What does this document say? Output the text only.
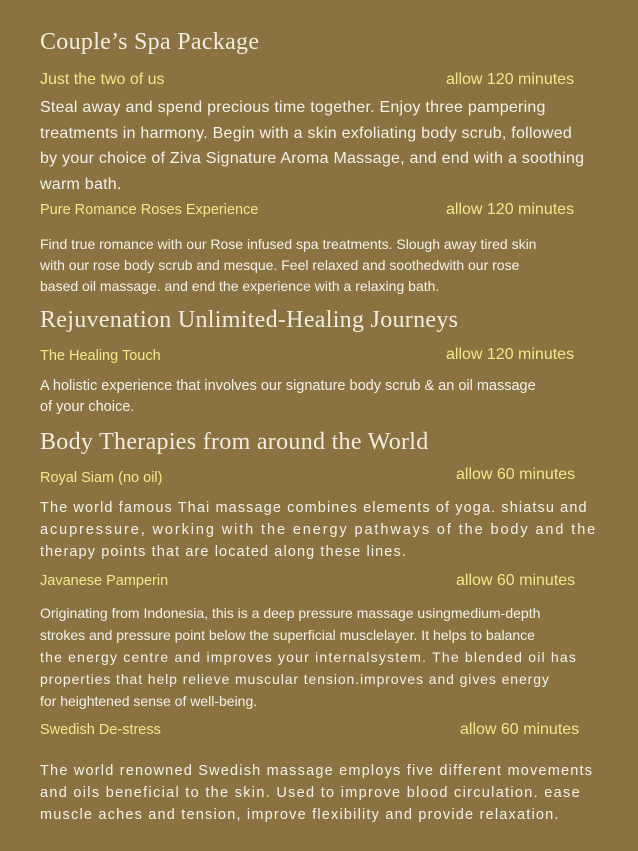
Couple’s Spa Package
Just the two of us	allow 120 minutes
Steal away and spend precious time together. Enjoy three pampering
treatments in harmony. Begin with a skin exfoliating body scrub, followed
by your choice of Ziva Signature Aroma Massage, and end with a soothing
warm bath.
Pure Romance Roses Experience	allow 120 minutes
Find true romance with our Rose infused spa treatments. Slough away tired skin
with our rose body scrub and mesque. Feel relaxed and soothedwith our rose
based oil massage. and end the experience with a relaxing bath.
Rejuvenation Unlimited-Healing Journeys
The Healing Touch	allow 120 minutes
A holistic experience that involves our signature body scrub & an oil massage
of your choice.
Body Therapies from around the World
Royal Siam (no oil)	allow 60 minutes
The world famous Thai massage combines elements of yoga. shiatsu and
acupressure, working with the energy pathways of the body and the
therapy points that are located along these lines.
Javanese Pamperin	allow 60 minutes
Originating from Indonesia, this is a deep pressure massage usingmedium-depth
strokes and pressure point below the superficial musclelayer. It helps to balance
the energy centre and improves your internalsystem. The blended oil has
properties that help relieve muscular tension.improves and gives energy
for heightened sense of well-being.
Swedish De-stress	allow 60 minutes
The world renowned Swedish massage employs five different movements
and oils beneficial to the skin. Used to improve blood circulation. ease
muscle aches and tension, improve flexibility and provide relaxation.
